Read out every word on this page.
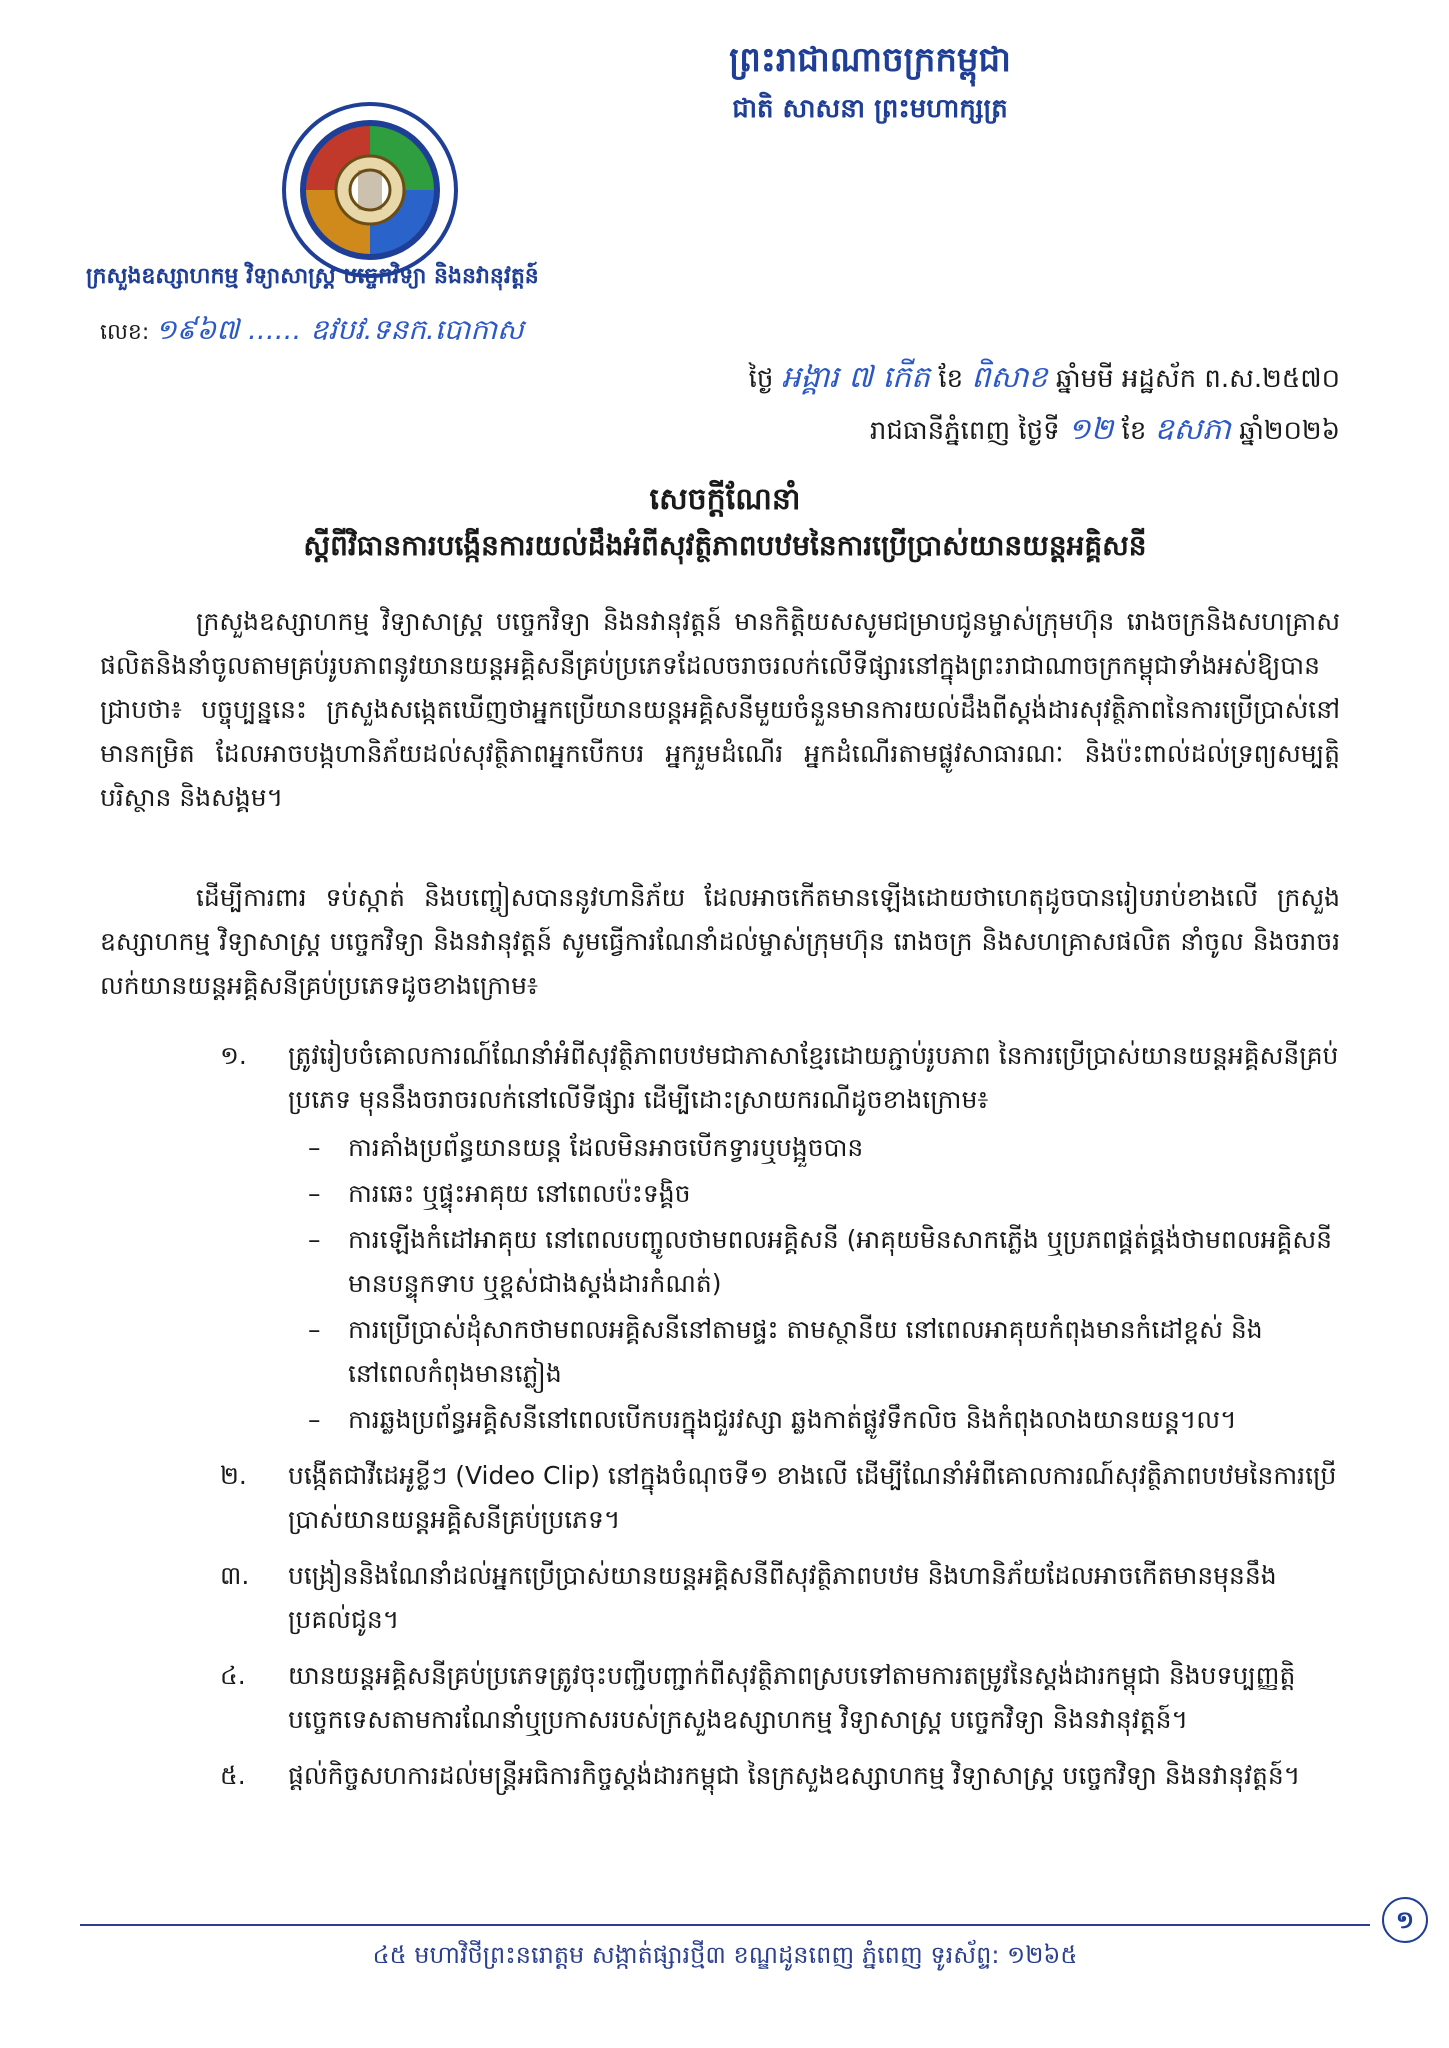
ព្រះរាជាណាចក្រកម្ពុជា
ជាតិ សាសនា ព្រះមហាក្សត្រ
ក្រសួងឧស្សាហកម្ម វិទ្យាសាស្ត្រ បច្ចេកវិទ្យា និងនវានុវត្តន៍
លេខ: ១៩៦៧ ...... ឧវបវ.ទនក.បោកាស
ថ្ងៃ អង្គារ ៧ កើត ខែ ពិសាខ ឆ្នាំមមី អដ្ឋស័ក ព.ស.២៥៧០
រាជធានីភ្នំពេញ ថ្ងៃទី ១២ ខែ ឧសភា ឆ្នាំ២០២៦
សេចក្តីណែនាំ
ស្តីពីវិធានការបង្កើនការយល់ដឹងអំពីសុវត្ថិភាពបឋមនៃការប្រើប្រាស់យានយន្តអគ្គិសនី
ក្រសួងឧស្សាហកម្ម វិទ្យាសាស្ត្រ បច្ចេកវិទ្យា និងនវានុវត្តន៍ មានកិត្តិយសសូមជម្រាបជូនម្ចាស់ក្រុមហ៊ុន រោងចក្រនិងសហគ្រាសផលិតនិងនាំចូលតាមគ្រប់រូបភាពនូវយានយន្តអគ្គិសនីគ្រប់ប្រភេទដែលចរាចរលក់លើទីផ្សារនៅក្នុងព្រះរាជាណាចក្រកម្ពុជាទាំងអស់ឱ្យបានជ្រាបថា៖ បច្ចុប្បន្ននេះ ក្រសួងសង្កេតឃើញថាអ្នកប្រើយានយន្តអគ្គិសនីមួយចំនួនមានការយល់ដឹងពីស្តង់ដារសុវត្ថិភាពនៃការប្រើប្រាស់នៅមានកម្រិត ដែលអាចបង្កហានិភ័យដល់សុវត្ថិភាពអ្នកបើកបរ អ្នករួមដំណើរ អ្នកដំណើរតាមផ្លូវសាធារណៈ និងប៉ះពាល់ដល់ទ្រព្យសម្បត្តិ បរិស្ថាន និងសង្គម។
ដើម្បីការពារ ទប់ស្កាត់ និងបញ្ចៀសបាននូវហានិភ័យ ដែលអាចកើតមានឡើងដោយថាហេតុដូចបានរៀបរាប់ខាងលើ ក្រសួងឧស្សាហកម្ម វិទ្យាសាស្ត្រ បច្ចេកវិទ្យា និងនវានុវត្តន៍ សូមធ្វើការណែនាំដល់ម្ចាស់ក្រុមហ៊ុន រោងចក្រ និងសហគ្រាសផលិត នាំចូល និងចរាចរលក់យានយន្តអគ្គិសនីគ្រប់ប្រភេទដូចខាងក្រោម៖
១. ត្រូវរៀបចំគោលការណ៍ណែនាំអំពីសុវត្ថិភាពបឋមជាភាសាខ្មែរដោយភ្ជាប់រូបភាព នៃការប្រើប្រាស់យានយន្តអគ្គិសនីគ្រប់ប្រភេទ មុននឹងចរាចរលក់នៅលើទីផ្សារ ដើម្បីដោះស្រាយករណីដូចខាងក្រោម៖
– ការគាំងប្រព័ន្ធយានយន្ត ដែលមិនអាចបើកទ្វារឬបង្អួចបាន
– ការឆេះ ឬផ្ទុះអាគុយ នៅពេលប៉ះទង្គិច
– ការឡើងកំដៅអាគុយ នៅពេលបញ្ចូលថាមពលអគ្គិសនី (អាគុយមិនសាកភ្លើង ឬប្រភពផ្គត់ផ្គង់ថាមពលអគ្គិសនីមានបន្ទុកទាប ឬខ្ពស់ជាងស្តង់ដារកំណត់)
– ការប្រើប្រាស់ដុំសាកថាមពលអគ្គិសនីនៅតាមផ្ទះ តាមស្ថានីយ នៅពេលអាគុយកំពុងមានកំដៅខ្ពស់ និងនៅពេលកំពុងមានភ្លៀង
– ការឆ្លងប្រព័ន្ធអគ្គិសនីនៅពេលបើកបរក្នុងជួរវស្សា ឆ្លងកាត់ផ្លូវទឹកលិច និងកំពុងលាងយានយន្ត។ល។
២. បង្កើតជាវីដេអូខ្លីៗ (Video Clip) នៅក្នុងចំណុចទី១ ខាងលើ ដើម្បីណែនាំអំពីគោលការណ៍សុវត្ថិភាពបឋមនៃការប្រើប្រាស់យានយន្តអគ្គិសនីគ្រប់ប្រភេទ។
៣. បង្រៀននិងណែនាំដល់អ្នកប្រើប្រាស់យានយន្តអគ្គិសនីពីសុវត្ថិភាពបឋម និងហានិភ័យដែលអាចកើតមានមុននឹងប្រគល់ជូន។
៤. យានយន្តអគ្គិសនីគ្រប់ប្រភេទត្រូវចុះបញ្ជីបញ្ជាក់ពីសុវត្ថិភាពស្របទៅតាមការតម្រូវនៃស្តង់ដារកម្ពុជា និងបទប្បញ្ញត្តិបច្ចេកទេសតាមការណែនាំឬប្រកាសរបស់ក្រសួងឧស្សាហកម្ម វិទ្យាសាស្ត្រ បច្ចេកវិទ្យា និងនវានុវត្តន៍។
៥. ផ្តល់កិច្ចសហការដល់មន្ត្រីអធិការកិច្ចស្តង់ដារកម្ពុជា នៃក្រសួងឧស្សាហកម្ម វិទ្យាសាស្ត្រ បច្ចេកវិទ្យា និងនវានុវត្តន៍។
៤៥ មហាវិថីព្រះនរោត្តម សង្កាត់ផ្សារថ្មី៣ ខណ្ឌដូនពេញ ភ្នំពេញ ទូរស័ព្ទ: ១២៦៥
១
